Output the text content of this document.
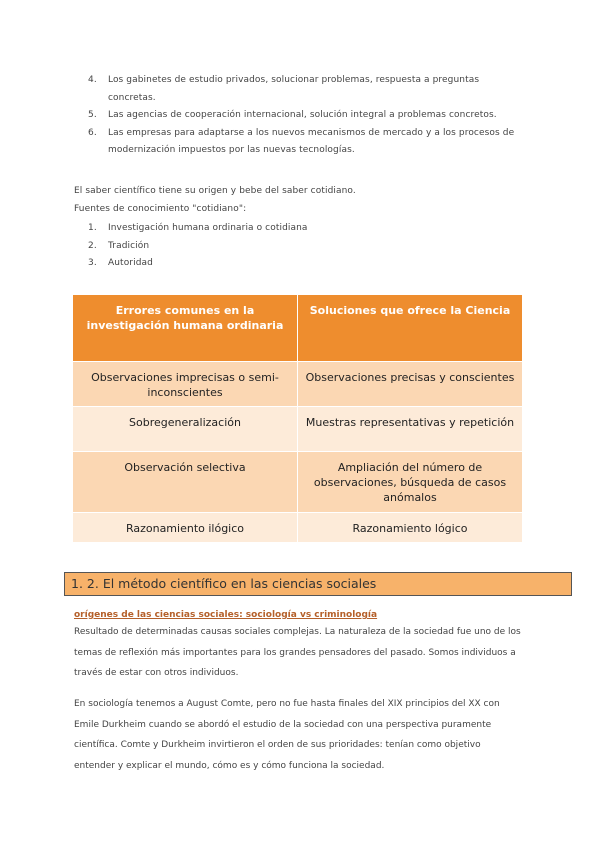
4. Los gabinetes de estudio privados, solucionar problemas, respuesta a preguntas concretas.
5. Las agencias de cooperación internacional, solución integral a problemas concretos.
6. Las empresas para adaptarse a los nuevos mecanismos de mercado y a los procesos de modernización impuestos por las nuevas tecnologías.
El saber científico tiene su origen y bebe del saber cotidiano.
Fuentes de conocimiento "cotidiano":
1. Investigación humana ordinaria o cotidiana
2. Tradición
3. Autoridad
Errores comunes en la investigación humana ordinaria	Soluciones que ofrece la Ciencia
Observaciones imprecisas o semi-inconscientes	Observaciones precisas y conscientes
Sobregeneralización	Muestras representativas y repetición
Observación selectiva	Ampliación del número de observaciones, búsqueda de casos anómalos
Razonamiento ilógico	Razonamiento lógico
1. 2. El método científico en las ciencias sociales
orígenes de las ciencias sociales: sociología vs criminología

Resultado de determinadas causas sociales complejas. La naturaleza de la sociedad fue uno de los temas de reflexión más importantes para los grandes pensadores del pasado. Somos individuos a través de estar con otros individuos.

En sociología tenemos a August Comte, pero no fue hasta finales del XIX principios del XX con Emile Durkheim cuando se abordó el estudio de la sociedad con una perspectiva puramente científica. Comte y Durkheim invirtieron el orden de sus prioridades: tenían como objetivo entender y explicar el mundo, cómo es y cómo funciona la sociedad.
